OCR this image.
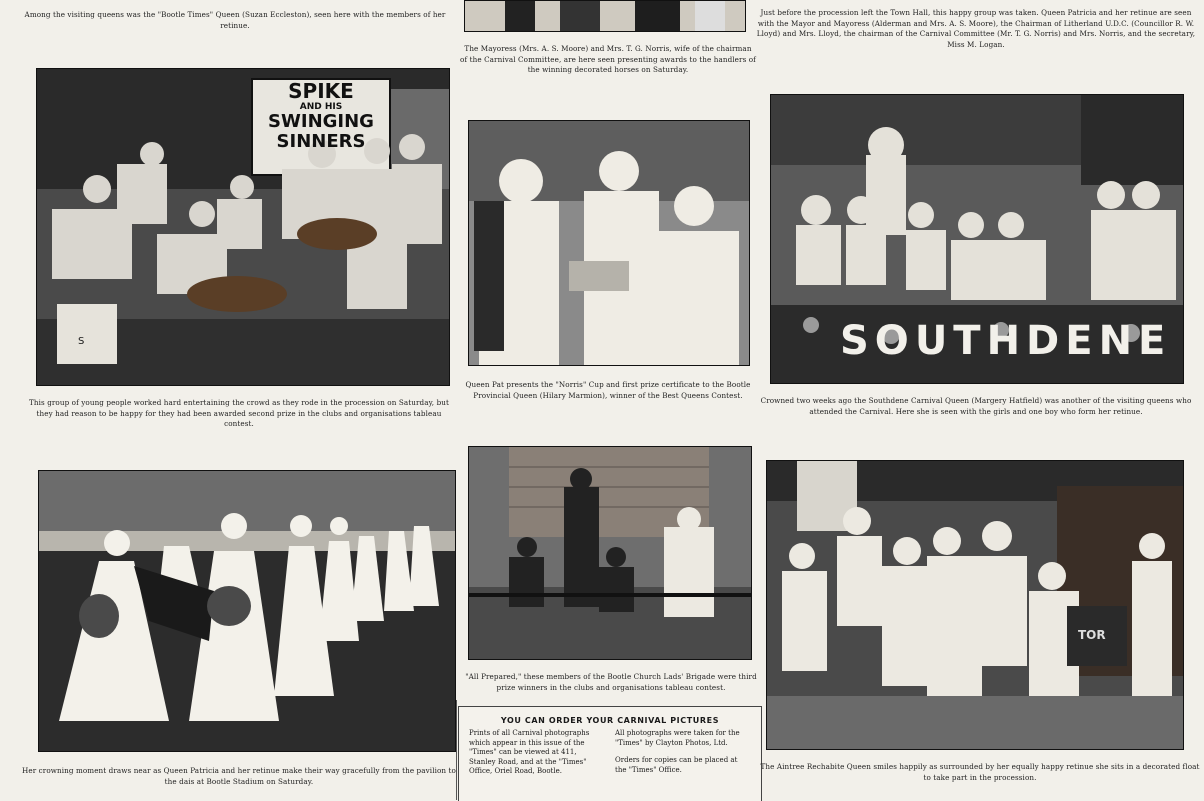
Among the visiting queens was the "Bootle Times" Queen (Suzan Eccleston), seen here with the members of her retinue.
The Mayoress (Mrs. A. S. Moore) and Mrs. T. G. Norris, wife of the chairman of the Carnival Committee, are here seen presenting awards to the handlers of the winning decorated horses on Saturday.
Just before the procession left the Town Hall, this happy group was taken. Queen Patricia and her retinue are seen with the Mayor and Mayoress (Alderman and Mrs. A. S. Moore), the Chairman of Litherland U.D.C. (Councillor R. W. Lloyd) and Mrs. Lloyd, the chairman of the Carnival Committee (Mr. T. G. Norris) and Mrs. Norris, and the secretary, Miss M. Logan.
SPIKE
AND HIS
SWINGING
SINNERS
S
This group of young people worked hard entertaining the crowd as they rode in the procession on Saturday, but they had reason to be happy for they had been awarded second prize in the clubs and organisations tableau contest.
Queen Pat presents the "Norris" Cup and first prize certificate to the Bootle Provincial Queen (Hilary Marmion), winner of the Best Queens Contest.
SOUTHDENE
Crowned two weeks ago the Southdene Carnival Queen (Margery Hatfield) was another of the visiting queens who attended the Carnival. Here she is seen with the girls and one boy who form her retinue.
Her crowning moment draws near as Queen Patricia and her retinue make their way gracefully from the pavilion to the dais at Bootle Stadium on Saturday.
"All Prepared," these members of the Bootle Church Lads' Brigade were third prize winners in the clubs and organisations tableau contest.
YOU CAN ORDER YOUR CARNIVAL PICTURES
Prints of all Carnival photographs which appear in this issue of the "Times" can be viewed at 411, Stanley Road, and at the "Times" Office, Oriel Road, Bootle.
All photographs were taken for the "Times" by Clayton Photos, Ltd.
Orders for copies can be placed at the "Times" Office.
TOR
The Aintree Rechabite Queen smiles happily as surrounded by her equally happy retinue she sits in a decorated float to take part in the procession.
